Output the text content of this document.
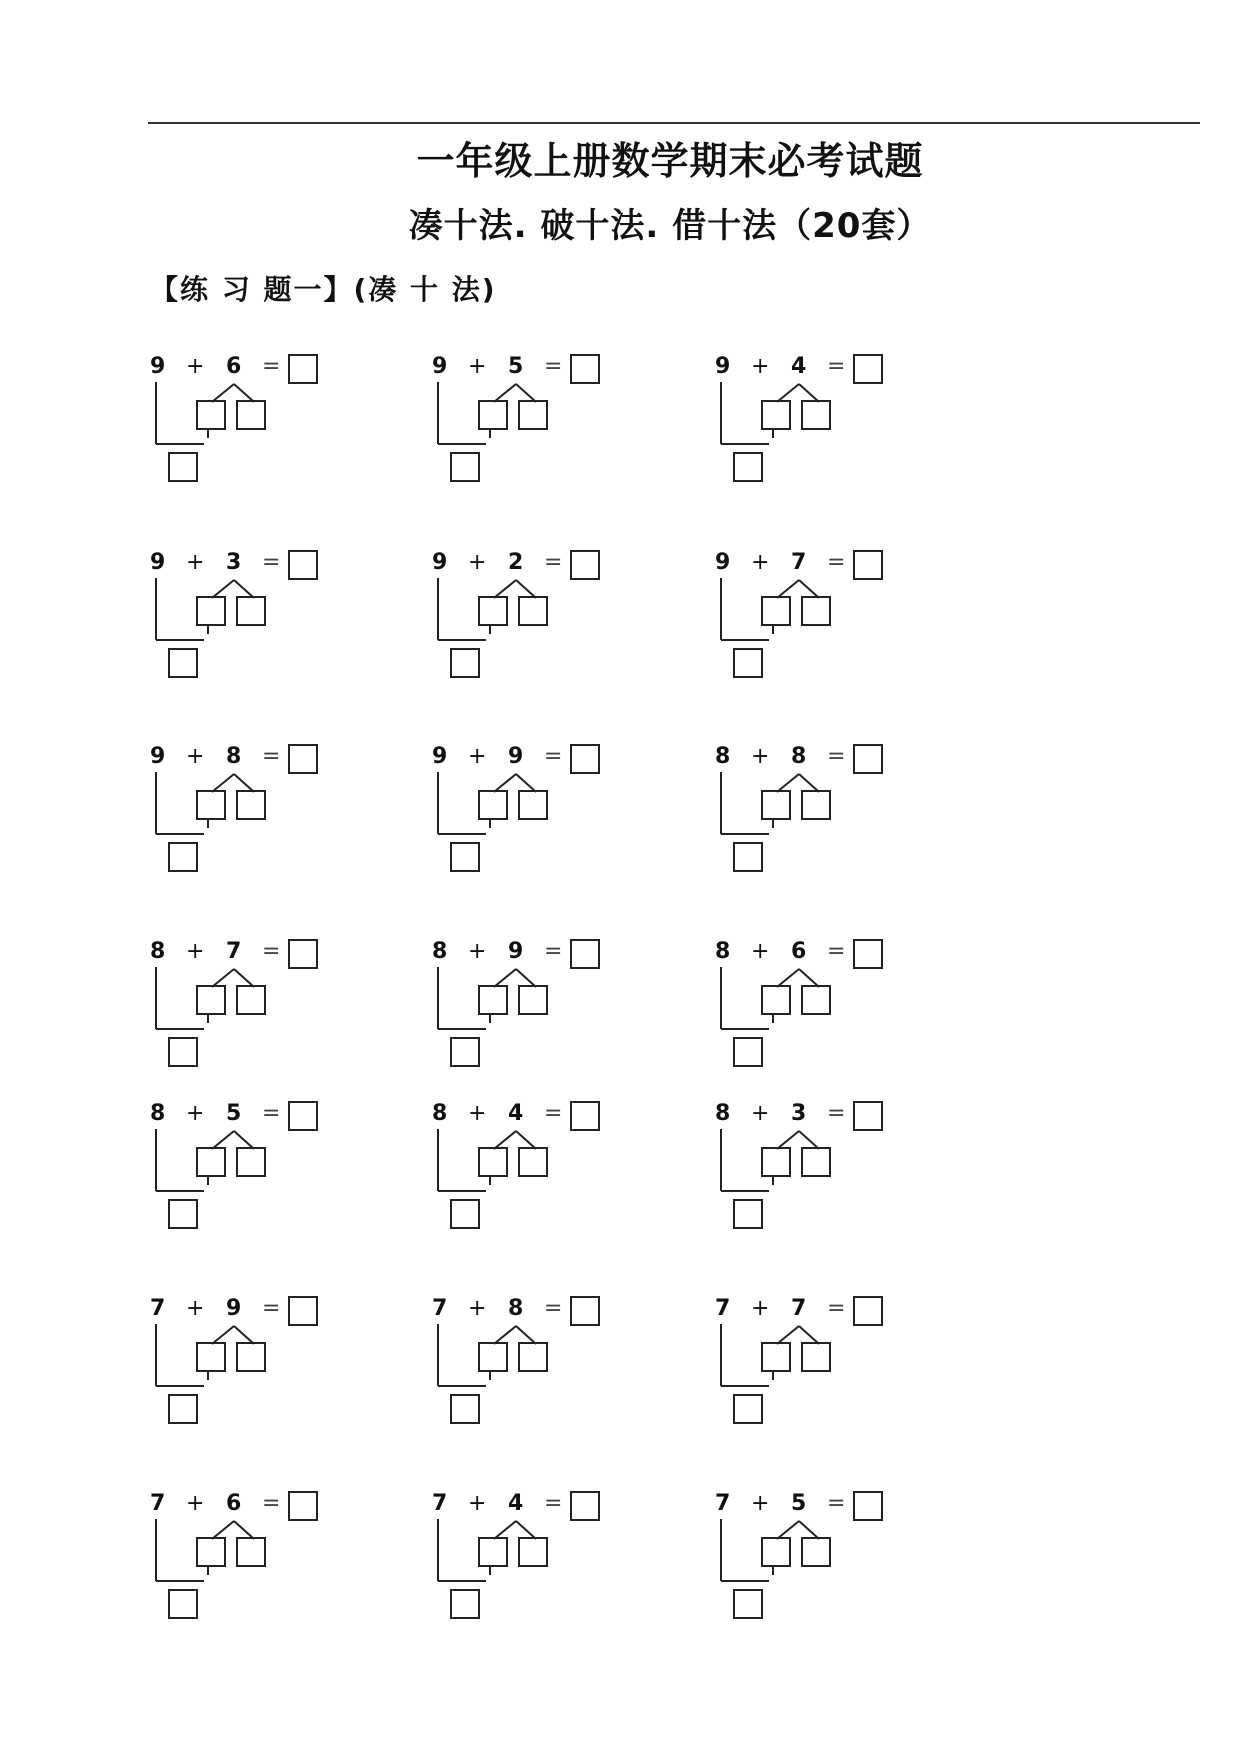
一年级上册数学期末必考试题
凑十法. 破十法. 借十法（20套）
【练 习 题一】(凑 十 法)
9 + 6 =	9 + 5 =	9 + 4 =
9 + 3 =	9 + 2 =	9 + 7 =
9 + 8 =	9 + 9 =	8 + 8 =
8 + 7 =	8 + 9 =	8 + 6 =
8 + 5 =	8 + 4 =	8 + 3 =
7 + 9 =	7 + 8 =	7 + 7 =
7 + 6 =	7 + 4 =	7 + 5 =
